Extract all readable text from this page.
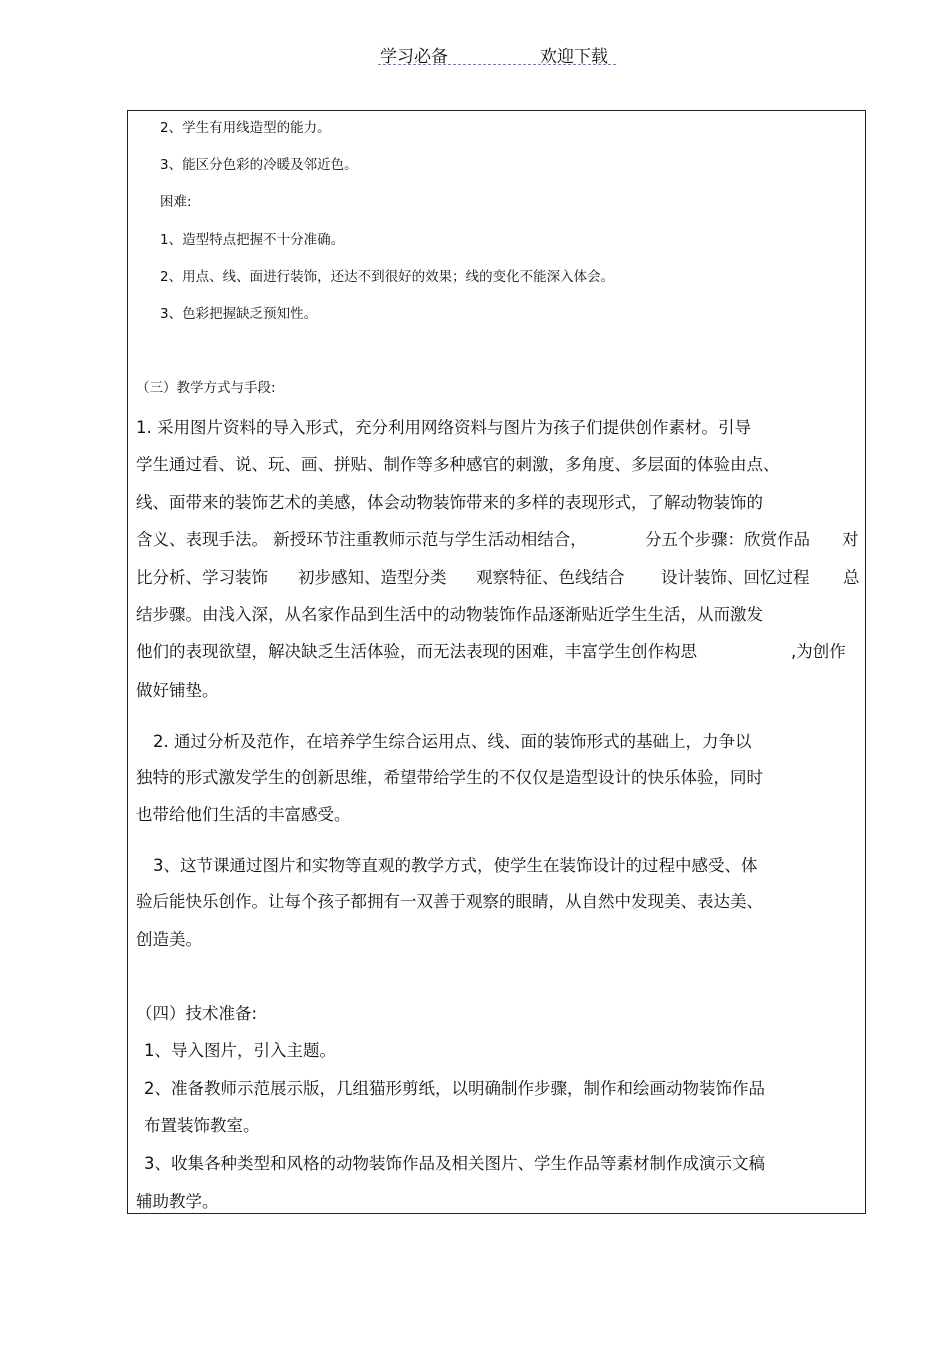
学习必备	欢迎下载
2、学生有用线造型的能力。
3、能区分色彩的冷暖及邻近色。
困难:
1、造型特点把握不十分准确。
2、用点、线、面进行装饰，还达不到很好的效果；线的变化不能深入体会。
3、色彩把握缺乏预知性。
（三）教学方式与手段:
1. 采用图片资料的导入形式，充分利用网络资料与图片为孩子们提供创作素材。引导
学生通过看、说、玩、画、拼贴、制作等多种感官的刺激，多角度、多层面的体验由点、
线、面带来的装饰艺术的美感，体会动物装饰带来的多样的表现形式，了解动物装饰的
含义、表现手法。 新授环节注重教师示范与学生活动相结合，	分五个步骤：欣赏作品 对
比分析、学习装饰 初步感知、造型分类 观察特征、色线结合 设计装饰、回忆过程 总
结步骤。由浅入深，从名家作品到生活中的动物装饰作品逐渐贴近学生生活，从而激发
他们的表现欲望，解决缺乏生活体验，而无法表现的困难，丰富学生创作构思	,为创作
做好铺垫。
2. 通过分析及范作，在培养学生综合运用点、线、面的装饰形式的基础上，力争以
独特的形式激发学生的创新思维，希望带给学生的不仅仅是造型设计的快乐体验，同时
也带给他们生活的丰富感受。
3、这节课通过图片和实物等直观的教学方式，使学生在装饰设计的过程中感受、体
验后能快乐创作。让每个孩子都拥有一双善于观察的眼睛，从自然中发现美、表达美、
创造美。
（四）技术准备:
1、导入图片，引入主题。
2、准备教师示范展示版，几组猫形剪纸，以明确制作步骤，制作和绘画动物装饰作品
布置装饰教室。
3、收集各种类型和风格的动物装饰作品及相关图片、学生作品等素材制作成演示文稿
辅助教学。
